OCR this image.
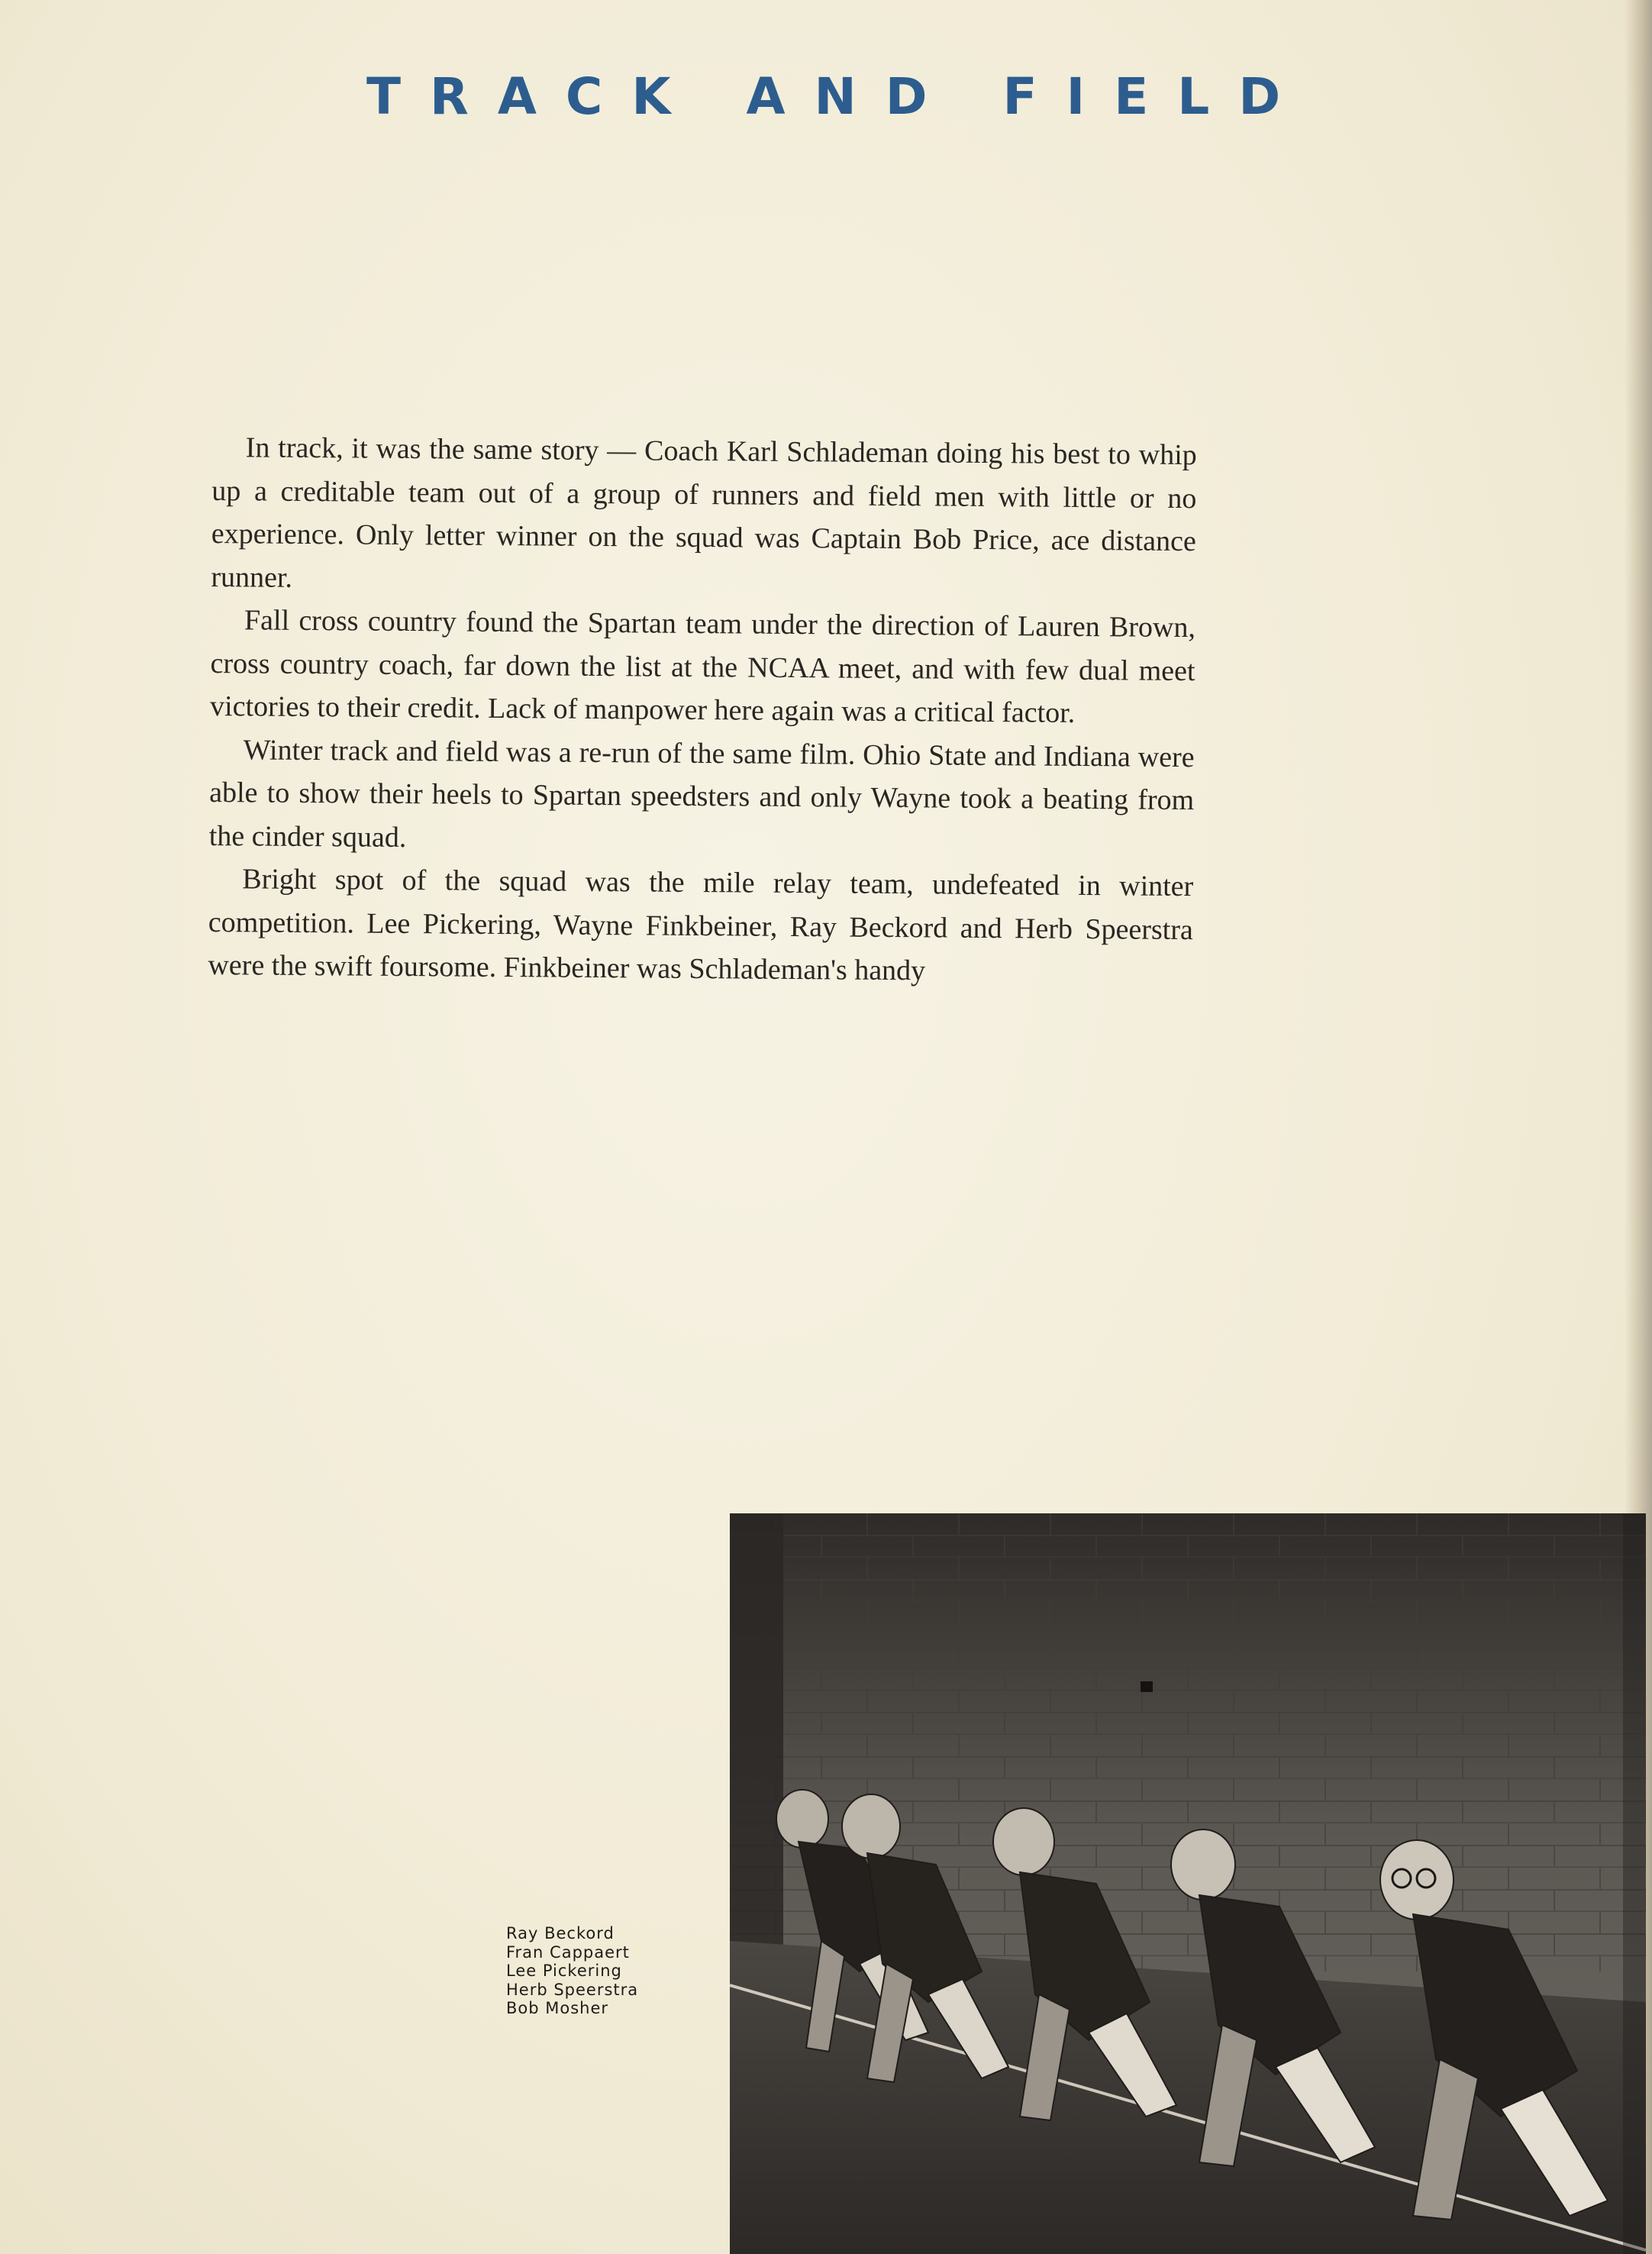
TRACK AND FIELD

In track, it was the same story — Coach Karl Schlademan doing his best to whip up a creditable team out of a group of runners and field men with little or no experience. Only letter winner on the squad was Captain Bob Price, ace distance runner.

Fall cross country found the Spartan team under the direction of Lauren Brown, cross country coach, far down the list at the NCAA meet, and with few dual meet victories to their credit. Lack of manpower here again was a critical factor.

Winter track and field was a re-run of the same film. Ohio State and Indiana were able to show their heels to Spartan speedsters and only Wayne took a beating from the cinder squad.

Bright spot of the squad was the mile relay team, undefeated in winter competition. Lee Pickering, Wayne Finkbeiner, Ray Beckord and Herb Speerstra were the swift foursome. Finkbeiner was Schlademan's handy

Ray Beckord
Fran Cappaert
Lee Pickering
Herb Speerstra
Bob Mosher
